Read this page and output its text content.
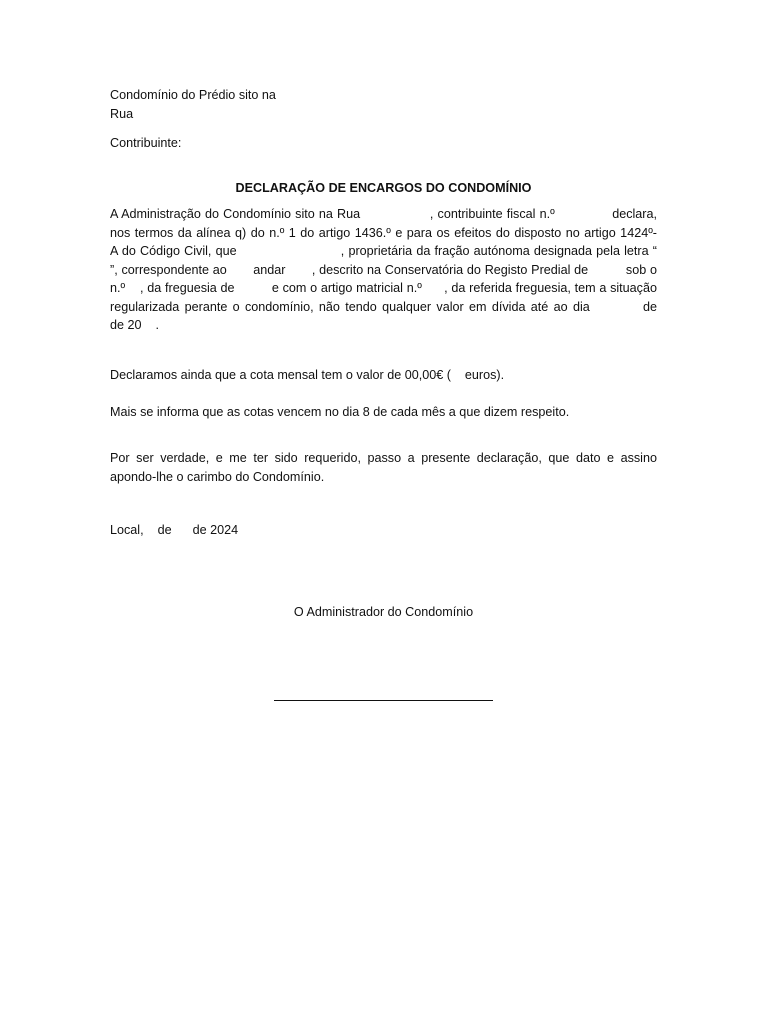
Condomínio do Prédio sito na
Rua
Contribuinte:
DECLARAÇÃO DE ENCARGOS DO CONDOMÍNIO
A Administração do Condomínio sito na Rua                 , contribuinte fiscal n.º              declara,
nos termos da alínea q) do n.º 1 do artigo 1436.º e para os efeitos do disposto no artigo 1424º-
A do Código Civil, que                         , proprietária da fração autónoma designada pela letra “
”, correspondente ao       andar       , descrito na Conservatória do Registo Predial de          sob o
n.º    , da freguesia de          e com o artigo matricial n.º      , da referida freguesia, tem a situação
regularizada perante o condomínio, não tendo qualquer valor em dívida até ao dia          de
de 20    .
Declaramos ainda que a cota mensal tem o valor de 00,00€ (    euros).
Mais se informa que as cotas vencem no dia 8 de cada mês a que dizem respeito.
Por ser verdade, e me ter sido requerido, passo a presente declaração, que dato e assino
apondo-lhe o carimbo do Condomínio.
Local,    de      de 2024
O Administrador do Condomínio
